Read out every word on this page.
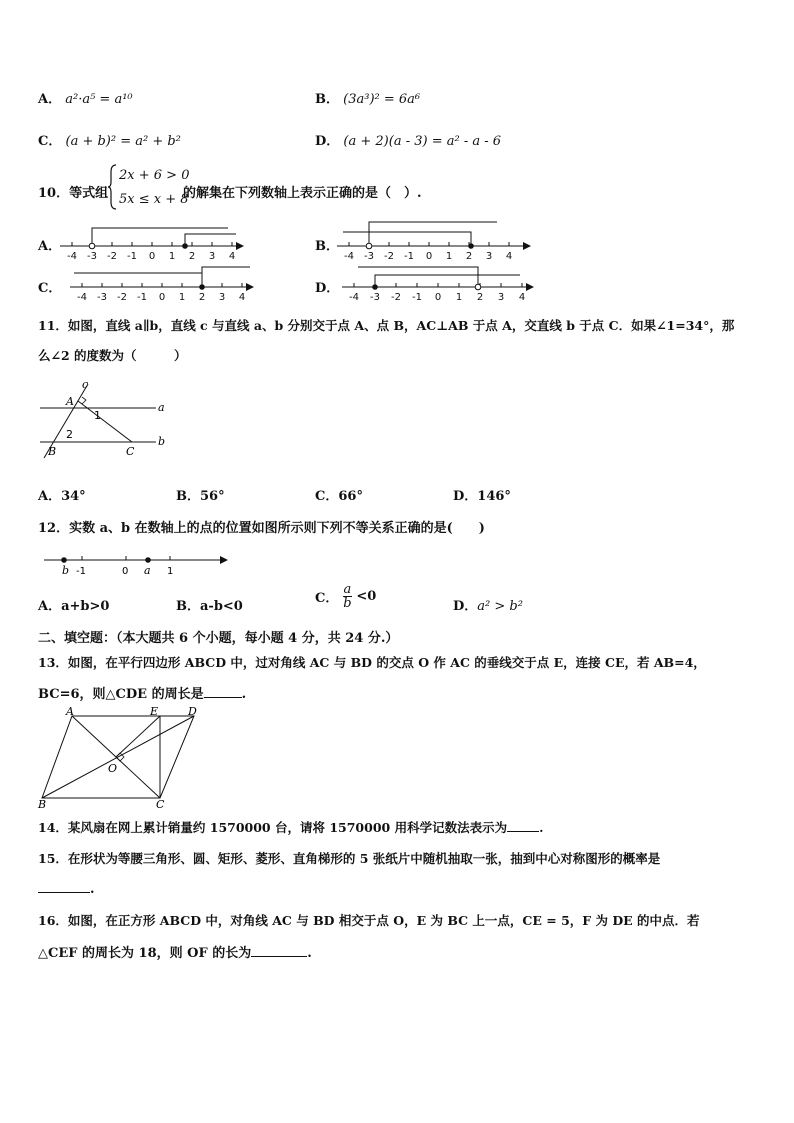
A． a²·a⁵ = a¹⁰	B． (3a³)² = 6a⁶
C． (a + b)² = a² + b²	D． (a + 2)(a - 3) = a² - a - 6
10．等式组
2x + 6 > 0
5x ≤ x + 8
的解集在下列数轴上表示正确的是（　）.
A．	B．
C．	D．
-4 -3 -2 -1 0 1 2 3 4	-4 -3 -2 -1 0 1 2 3 4
-4 -3 -2 -1 0 1 2 3 4	-4 -3 -2 -1 0 1 2 3 4
11．如图，直线 a∥b，直线 c 与直线 a、b 分别交于点 A、点 B，AC⊥AB 于点 A，交直线 b 于点 C．如果∠1=34°，那
么∠2 的度数为（　　　）
c
A
1
a
2
B	C
b
A．34°	B．56°	C．66°	D．146°
12．实数 a、b 在数轴上的点的位置如图所示则下列不等关系正确的是(　　)
b -1	0 a 1
A．a+b>0	B．a-b<0
C． $\frac{a}{b} <0$
D．a² > b²
二、填空题：（本大题共 6 个小题，每小题 4 分，共 24 分.）
13．如图，在平行四边形 ABCD 中，过对角线 AC 与 BD 的交点 O 作 AC 的垂线交于点 E，连接 CE，若 AB=4，
BC=6，则△CDE 的周长是	.
A	E	D
O
B	C
14．某风扇在网上累计销量约 1570000 台，请将 1570000 用科学记数法表示为	.
15．在形状为等腰三角形、圆、矩形、菱形、直角梯形的 5 张纸片中随机抽取一张，抽到中心对称图形的概率是
.
16．如图，在正方形 ABCD 中，对角线 AC 与 BD 相交于点 O，E 为 BC 上一点，CE = 5，F 为 DE 的中点．若
△CEF 的周长为 18，则 OF 的长为	.
